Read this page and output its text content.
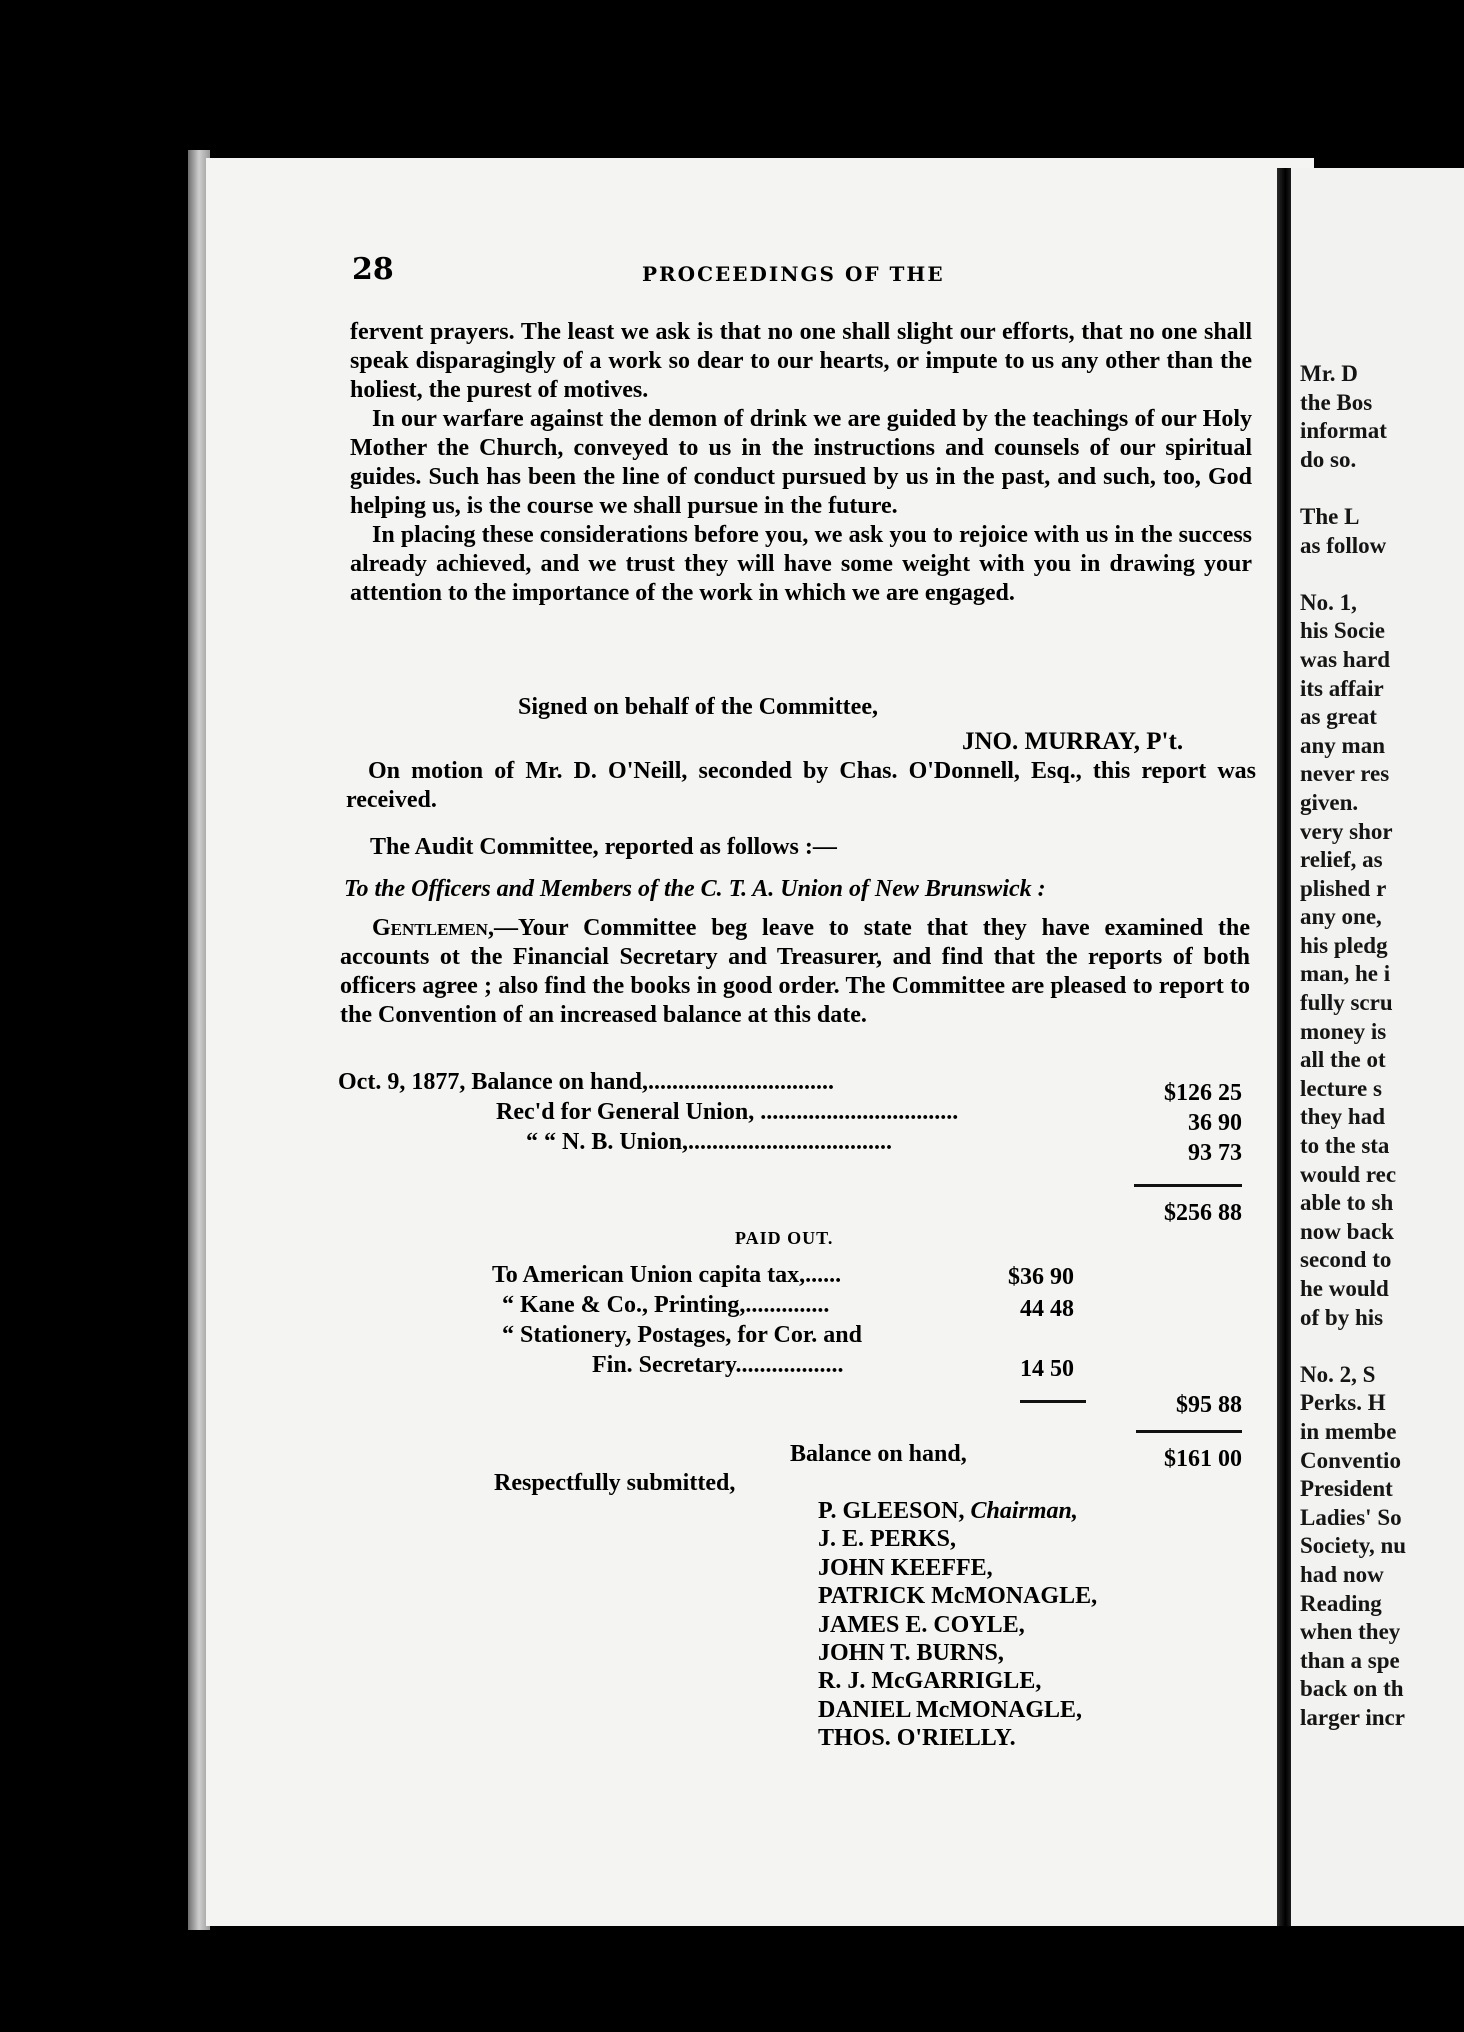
Mr. D
the Bos
informat
do so.
The L
as follow
No. 1,
his Socie
was hard
its affair
as great
any man
never res
given.
very shor
relief, as
plished r
any one,
his pledg
man, he i
fully scru
money is
all the ot
lecture s
they had
to the sta
would rec
able to sh
now back
second to
he would
of by his
No. 2, S
Perks. H
in membe
Conventio
President
Ladies' So
Society, nu
had now
Reading
when they
than a spe
back on th
larger incr
28	PROCEEDINGS OF THE

fervent prayers. The least we ask is that no one shall slight our efforts, that no one shall speak disparagingly of a work so dear to our hearts, or impute to us any other than the holiest, the purest of motives.

In our warfare against the demon of drink we are guided by the teachings of our Holy Mother the Church, conveyed to us in the instructions and counsels of our spiritual guides. Such has been the line of conduct pursued by us in the past, and such, too, God helping us, is the course we shall pursue in the future.

In placing these considerations before you, we ask you to rejoice with us in the success already achieved, and we trust they will have some weight with you in drawing your attention to the importance of the work in which we are engaged.

Signed on behalf of the Committee,
JNO. MURRAY, P't.

On motion of Mr. D. O'Neill, seconded by Chas. O'Donnell, Esq., this report was received.

The Audit Committee, reported as follows :—
To the Officers and Members of the C. T. A. Union of New Brunswick :

Gentlemen,—Your Committee beg leave to state that they have examined the accounts ot the Financial Secretary and Treasurer, and find that the reports of both officers agree ; also find the books in good order. The Committee are pleased to report to the Convention of an increased balance at this date.

Oct. 9, 1877, Balance on hand,...............................	$126 25
Rec'd for General Union, .................................	36 90
“ “ N. B. Union,..................................	93 73
$256 88
PAID OUT.
To American Union capita tax,......	$36 90
“ Kane & Co., Printing,..............	44 48
“ Stationery, Postages, for Cor. and
Fin. Secretary..................	14 50
$95 88
Balance on hand,	$161 00
Respectfully submitted,
P. GLEESON, Chairman,
J. E. PERKS,
JOHN KEEFFE,
PATRICK McMONAGLE,
JAMES E. COYLE,
JOHN T. BURNS,
R. J. McGARRIGLE,
DANIEL McMONAGLE,
THOS. O'RIELLY.
